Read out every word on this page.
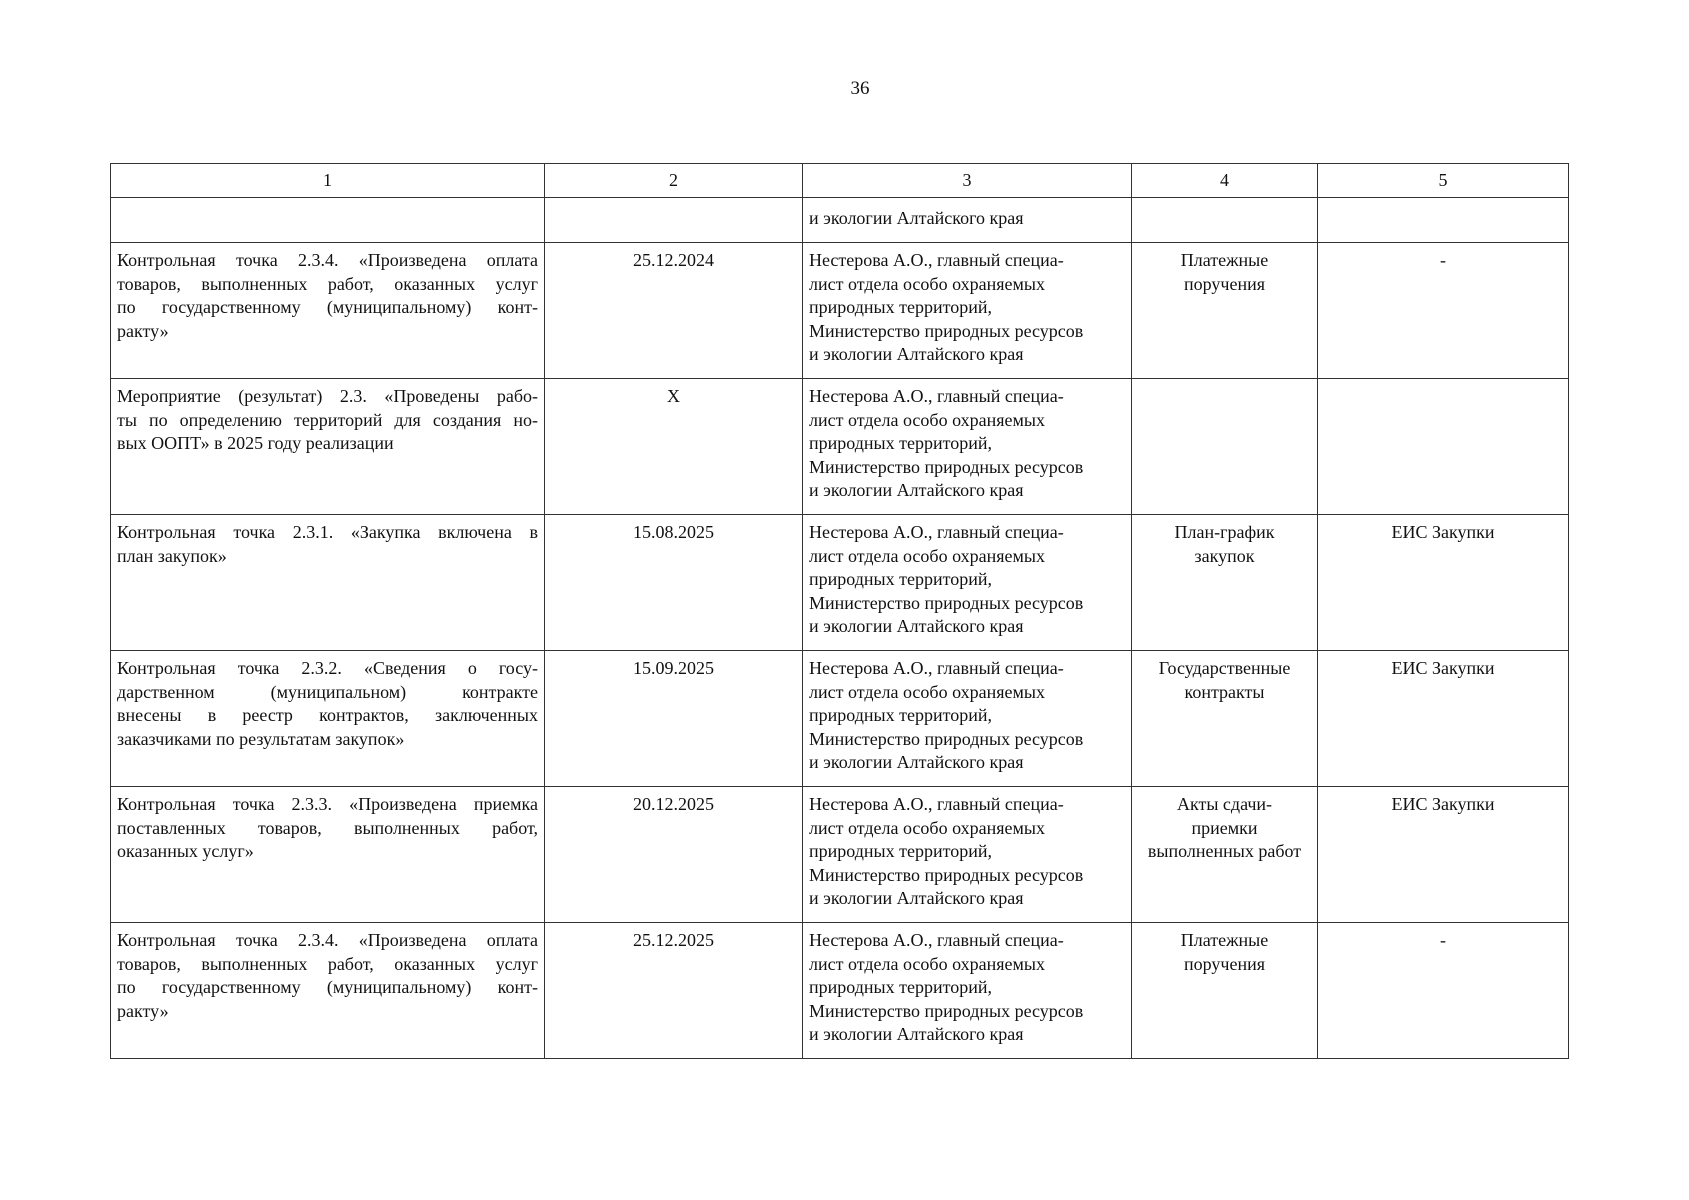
36
1	2	3	4	5
		и экологии Алтайского края		

Контрольная точка 2.3.4. «Произведена оплата
товаров, выполненных работ, оказанных услуг
по государственному (муниципальному) конт-
ракту»	25.12.2024	Нестерова А.О., главный специа-
лист отдела особо охраняемых
природных территорий,
Министерство природных ресурсов
и экологии Алтайского края	Платежные
поручения	-

Мероприятие (результат) 2.3. «Проведены рабо-
ты по определению территорий для создания но-
вых ООПТ» в 2025 году реализации	Х	Нестерова А.О., главный специа-
лист отдела особо охраняемых
природных территорий,
Министерство природных ресурсов
и экологии Алтайского края		

Контрольная точка 2.3.1. «Закупка включена в
план закупок»	15.08.2025	Нестерова А.О., главный специа-
лист отдела особо охраняемых
природных территорий,
Министерство природных ресурсов
и экологии Алтайского края	План-график
закупок	ЕИС Закупки

Контрольная точка 2.3.2. «Сведения о госу-
дарственном (муниципальном) контракте
внесены в реестр контрактов, заключенных
заказчиками по результатам закупок»	15.09.2025	Нестерова А.О., главный специа-
лист отдела особо охраняемых
природных территорий,
Министерство природных ресурсов
и экологии Алтайского края	Государственные
контракты	ЕИС Закупки

Контрольная точка 2.3.3. «Произведена приемка
поставленных товаров, выполненных работ,
оказанных услуг»	20.12.2025	Нестерова А.О., главный специа-
лист отдела особо охраняемых
природных территорий,
Министерство природных ресурсов
и экологии Алтайского края	Акты сдачи-
приемки
выполненных работ	ЕИС Закупки

Контрольная точка 2.3.4. «Произведена оплата
товаров, выполненных работ, оказанных услуг
по государственному (муниципальному) конт-
ракту»	25.12.2025	Нестерова А.О., главный специа-
лист отдела особо охраняемых
природных территорий,
Министерство природных ресурсов
и экологии Алтайского края	Платежные
поручения	-
